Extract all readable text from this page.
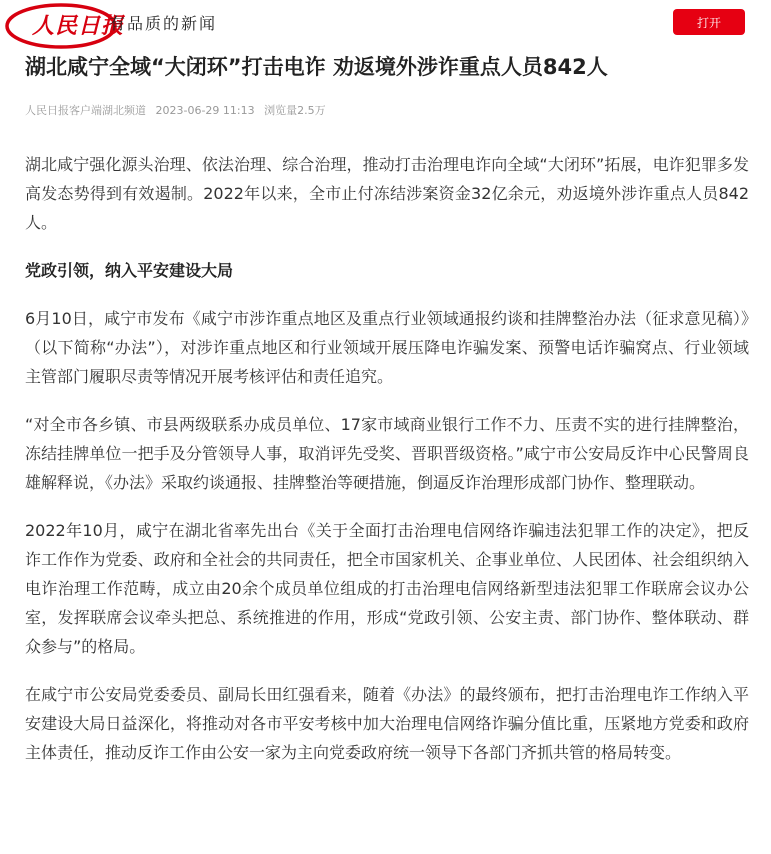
人民日报
有品质的新闻	打开
湖北咸宁全域“大闭环”打击电诈 劝返境外涉诈重点人员842人
人民日报客户端湖北频道 2023-06-29 11:13 浏览量2.5万

湖北咸宁强化源头治理、依法治理、综合治理，推动打击治理电诈向全域“大闭环”拓展，电诈犯罪多发高发态势得到有效遏制。2022年以来，全市止付冻结涉案资金32亿余元，劝返境外涉诈重点人员842人。

党政引领，纳入平安建设大局

6月10日，咸宁市发布《咸宁市涉诈重点地区及重点行业领域通报约谈和挂牌整治办法（征求意见稿）》（以下简称“办法”），对涉诈重点地区和行业领域开展压降电诈骗发案、预警电话诈骗窝点、行业领域主管部门履职尽责等情况开展考核评估和责任追究。

“对全市各乡镇、市县两级联系办成员单位、17家市域商业银行工作不力、压责不实的进行挂牌整治，冻结挂牌单位一把手及分管领导人事，取消评先受奖、晋职晋级资格。”咸宁市公安局反诈中心民警周良雄解释说，《办法》采取约谈通报、挂牌整治等硬措施，倒逼反诈治理形成部门协作、整理联动。

2022年10月，咸宁在湖北省率先出台《关于全面打击治理电信网络诈骗违法犯罪工作的决定》，把反诈工作作为党委、政府和全社会的共同责任，把全市国家机关、企事业单位、人民团体、社会组织纳入电诈治理工作范畴，成立由20余个成员单位组成的打击治理电信网络新型违法犯罪工作联席会议办公室，发挥联席会议牵头把总、系统推进的作用，形成“党政引领、公安主责、部门协作、整体联动、群众参与”的格局。

在咸宁市公安局党委委员、副局长田红强看来，随着《办法》的最终颁布，把打击治理电诈工作纳入平安建设大局日益深化，将推动对各市平安考核中加大治理电信网络诈骗分值比重，压紧地方党委和政府主体责任，推动反诈工作由公安一家为主向党委政府统一领导下各部门齐抓共管的格局转变。
